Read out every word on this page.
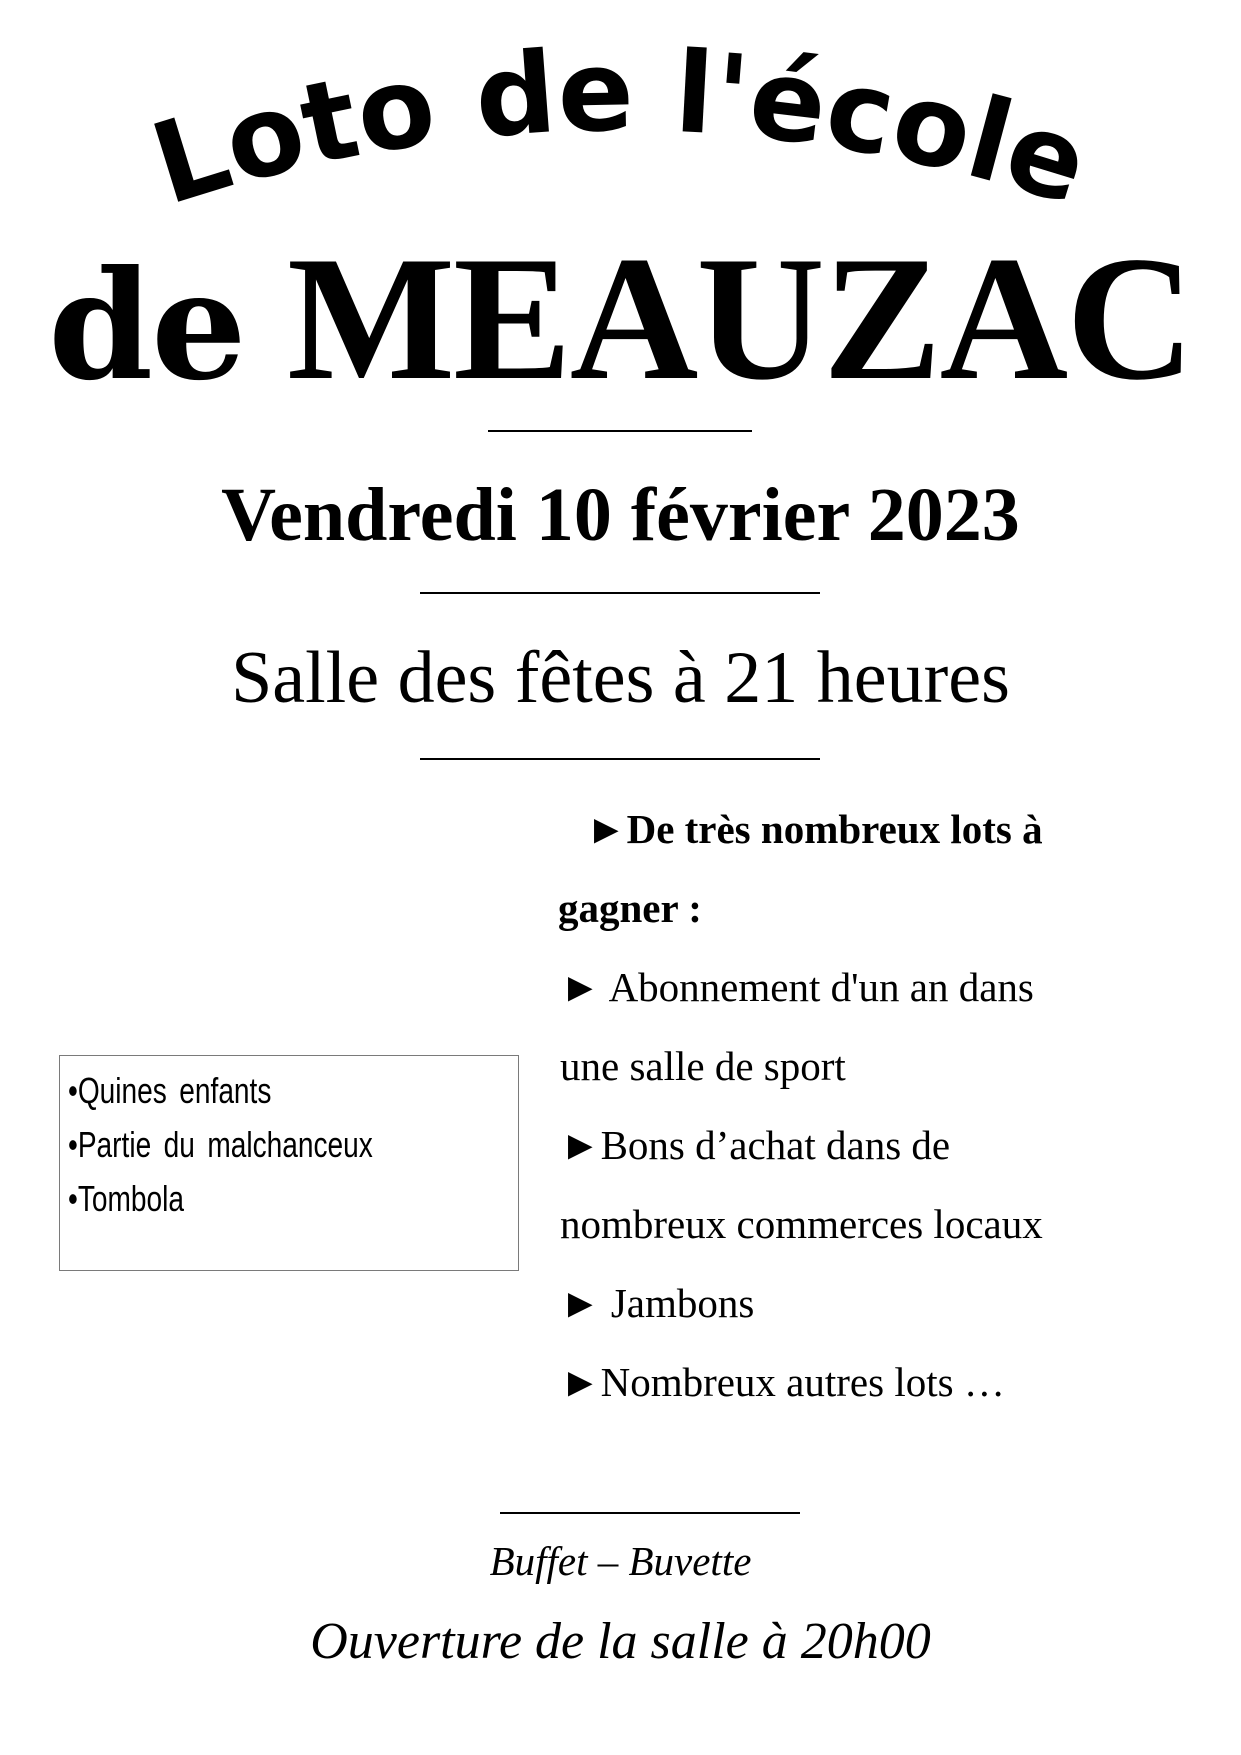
Loto de l'école
de MEAUZAC
Vendredi 10 février 2023
Salle des fêtes à 21 heures
►De très nombreux lots à
gagner :
► Abonnement d'un an dans
une salle de sport
►Bons d’achat dans de
nombreux commerces locaux
► Jambons
►Nombreux autres lots …
•Quines enfants
•Partie du malchanceux
•Tombola
Buffet – Buvette
Ouverture de la salle à 20h00
